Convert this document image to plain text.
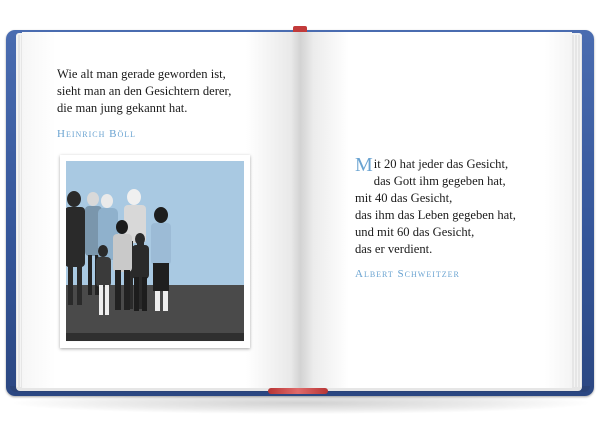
Wie alt man gerade geworden ist,
sieht man an den Gesichtern derer,
die man jung gekannt hat.

Heinrich Böll

Mit 20 hat jeder das Gesicht,
das Gott ihm gegeben hat,
mit 40 das Gesicht,
das ihm das Leben gegeben hat,
und mit 60 das Gesicht,
das er verdient.

Albert Schweitzer
